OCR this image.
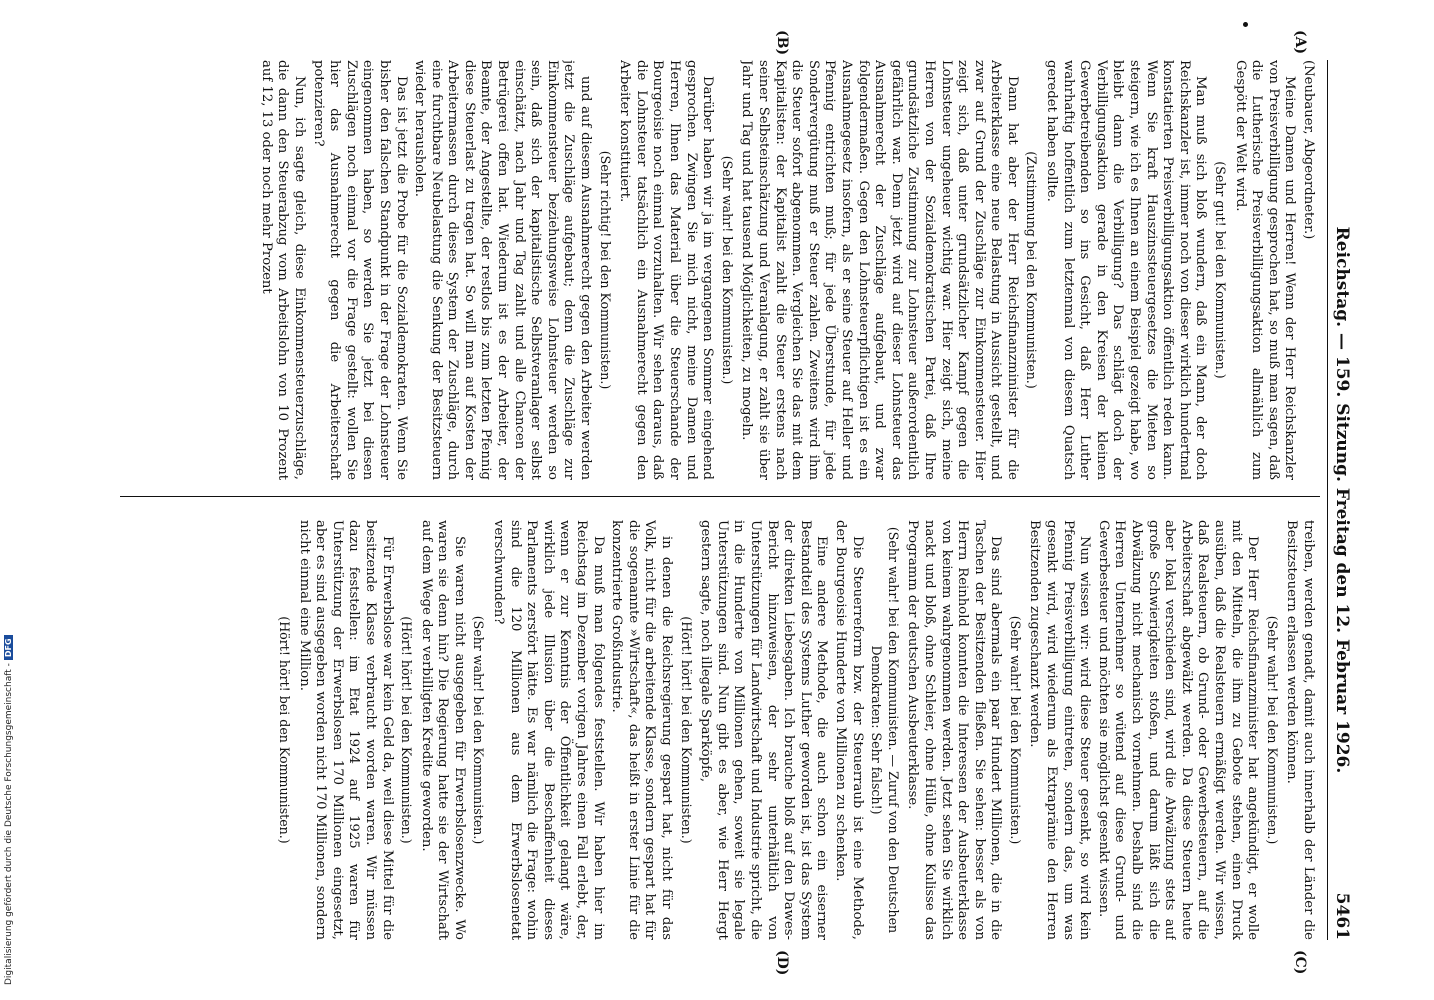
Reichstag. — 159. Sitzung. Freitag den 12. Februar 1926.
5461
(A)
(B)
(C)
(D)

(Neubauer, Abgeordneter.)

Meine Damen und Herren! Wenn der Herr Reichskanzler von Preisverbilligung gesprochen hat, so muß man sagen, daß die Lutherische Preisverbilligungsaktion allmählich zum Gespött der Welt wird.

(Sehr gut! bei den Kommunisten.)

Man muß sich bloß wundern, daß ein Mann, der doch Reichskanzler ist, immer noch von dieser wirklich hundertmal konstatierten Preisverbilligungsaktion öffentlich reden kann. Wenn Sie kraft Hauszinssteuergesetzes die Mieten so steigern, wie ich es Ihnen an einem Beispiel gezeigt habe, wo bleibt dann die Verbilligung? Das schlägt doch der Verbilligungsaktion gerade in den Kreisen der kleinen Gewerbetreibenden so ins Gesicht, daß Herr Luther wahrhaftig hoffentlich zum letztenmal von diesem Quatsch geredet haben sollte.

(Zustimmung bei den Kommunisten.)

Dann hat aber der Herr Reichsfinanzminister für die Arbeiterklasse eine neue Belastung in Aussicht gestellt, und zwar auf Grund der Zuschläge zur Einkommensteuer. Hier zeigt sich, daß unter grundsätzlicher Kampf gegen die Lohnsteuer ungeheuer wichtig war. Hier zeigt sich, meine Herren von der Sozialdemokratischen Partei, daß Ihre grundsätzliche Zustimmung zur Lohnsteuer außerordentlich gefährlich war. Denn jetzt wird auf dieser Lohnsteuer das Ausnahmerecht der Zuschläge aufgebaut, und zwar folgendermaßen. Gegen den Lohnsteuerpflichtigen ist es ein Ausnahmegesetz insofern, als er seine Steuer auf Heller und Pfennig entrichten muß; für jede Überstunde, für jede Sondervergütung muß er Steuer zahlen. Zweitens wird ihm die Steuer sofort abgenommen. Vergleichen Sie das mit dem Kapitalisten: der Kapitalist zahlt die Steuer erstens nach seiner Selbsteinschätzung und Veranlagung, er zahlt sie über Jahr und Tag und hat tausend Möglichkeiten, zu mogeln.

(Sehr wahr! bei den Kommunisten.)

Darüber haben wir ja im vergangenen Sommer eingehend gesprochen. Zwingen Sie mich nicht, meine Damen und Herren, Ihnen das Material über die Steuerschande der Bourgeoisie noch einmal vorzuhalten. Wir sehen daraus, daß die Lohnsteuer tatsächlich ein Ausnahmerecht gegen den Arbeiter konstituiert.

(Sehr richtig! bei den Kommunisten.)

und auf diesem Ausnahmerecht gegen den Arbeiter werden jetzt die Zuschläge aufgebaut; denn die Zuschläge zur Einkommensteuer beziehungsweise Lohnsteuer werden so sein, daß sich der kapitalistische Selbstveranlager selbst einschätzt, nach Jahr und Tag zahlt und alle Chancen der Betrügerei offen hat. Wiederum ist es der Arbeiter, der Beamte, der Angestellte, der restlos bis zum letzten Pfennig diese Steuerlast zu tragen hat. So will man auf Kosten der Arbeitermassen durch dieses System der Zuschläge, durch eine furchtbare Neubelastung die Senkung der Besitzsteuern wieder herausholen.

Das ist jetzt die Probe für die Sozialdemokraten. Wenn Sie bisher den falschen Standpunkt in der Frage der Lohnsteuer eingenommen haben, so werden Sie jetzt bei diesen Zuschlägen noch einmal vor die Frage gestellt: wollen Sie hier das Ausnahmerecht gegen die Arbeiterschaft potenzieren?

Nun, ich sagte gleich, diese Einkommensteuerzuschläge, die dann den Steuerabzug vom Arbeitslohn von 10 Prozent auf 12, 13 oder noch mehr Prozent

treiben, werden genadt, damit auch innerhalb der Länder die Besitzsteuern erlassen werden können.

(Sehr wahr! bei den Kommunisten.)

Der Herr Reichsfinanzminister hat angekündigt, er wolle mit den Mitteln, die ihm zu Gebote stehen, einen Druck ausüben, daß die Realsteuern ermäßigt werden. Wir wissen, daß Realsteuern, ob Grund- oder Gewerbesteuern, auf die Arbeiterschaft abgewälzt werden. Da diese Steuern heute aber lokal verschieden sind, wird die Abwälzung stets auf große Schwierigkeiten stoßen, und darum läßt sich die Abwälzung nicht mechanisch vornehmen. Deshalb sind die Herren Unternehmer so wütend auf diese Grund- und Gewerbesteuer und möchten sie möglichst gesenkt wissen.

Nun wissen wir: wird diese Steuer gesenkt, so wird kein Pfennig Preisverbilligung eintreten, sondern das, um was gesenkt wird, wird wiederum als Extraprämie den Herren Besitzenden zugeschanzt werden.

(Sehr wahr! bei den Kommunisten.)

Das sind abermals ein paar Hundert Millionen, die in die Taschen der Besitzenden fließen. Sie sehen: besser als von Herrn Reinhold konnten die Interessen der Ausbeuterklasse von keinem wahrgenommen werden. Jetzt sehen Sie wirklich nackt und bloß, ohne Schleier, ohne Hülle, ohne Kulisse das Programm der deutschen Ausbeuterklasse.

(Sehr wahr! bei den Kommunisten. — Zuruf von den Deutschen Demokraten: Sehr falsch!)

Die Steuerreform bzw. der Steuerraub ist eine Methode, der Bourgeoisie Hunderte von Millionen zu schenken.

Eine andere Methode, die auch schon ein eiserner Bestandteil des Systems Luther geworden ist, ist das System der direkten Liebesgaben. Ich brauche bloß auf den Dawes-Bericht hinzuweisen, der sehr unterhältlich von Unterstützungen für Landwirtschaft und Industrie spricht, die in die Hunderte von Millionen gehen, soweit sie legale Unterstützungen sind. Nun gibt es aber, wie Herr Hergt gestern sagte, noch illegale Sparköpfe,

(Hört! hört! bei den Kommunisten.)

in denen die Reichsregierung gespart hat, nicht für das Volk, nicht für die arbeitende Klasse, sondern gespart hat für die sogenannte »Wirtschaft«, das heißt in erster Linie für die konzentrierte Großindustrie.

Da muß man folgendes feststellen. Wir haben hier im Reichstag im Dezember vorigen Jahres einen Fall erlebt, der, wenn er zur Kenntnis der Öffentlichkeit gelangt wäre, wirklich jede Illusion über die Beschaffenheit dieses Parlaments zerstört hätte. Es war nämlich die Frage: wohin sind die 120 Millionen aus dem Erwerbslosenetat verschwunden?

(Sehr wahr! bei den Kommunisten.)

Sie waren nicht ausgegeben für Erwerbslosenzwecke. Wo waren sie denn hin? Die Regierung hatte sie der Wirtschaft auf dem Wege der verbilligten Kredite geworden.

(Hört! hört! bei den Kommunisten.)

Für Erwerbslose war kein Geld da, weil diese Mittel für die besitzende Klasse verbraucht worden waren. Wir müssen dazu feststellen: im Etat 1924 auf 1925 waren für Unterstützung der Erwerbslosen 170 Millionen eingesetzt, aber es sind ausgegeben worden nicht 170 Millionen, sondern nicht einmal eine Million.

(Hört! hört! bei den Kommunisten.)
Digitalisierung gefördert durch die Deutsche Forschungsgemeinschaft -DFG
